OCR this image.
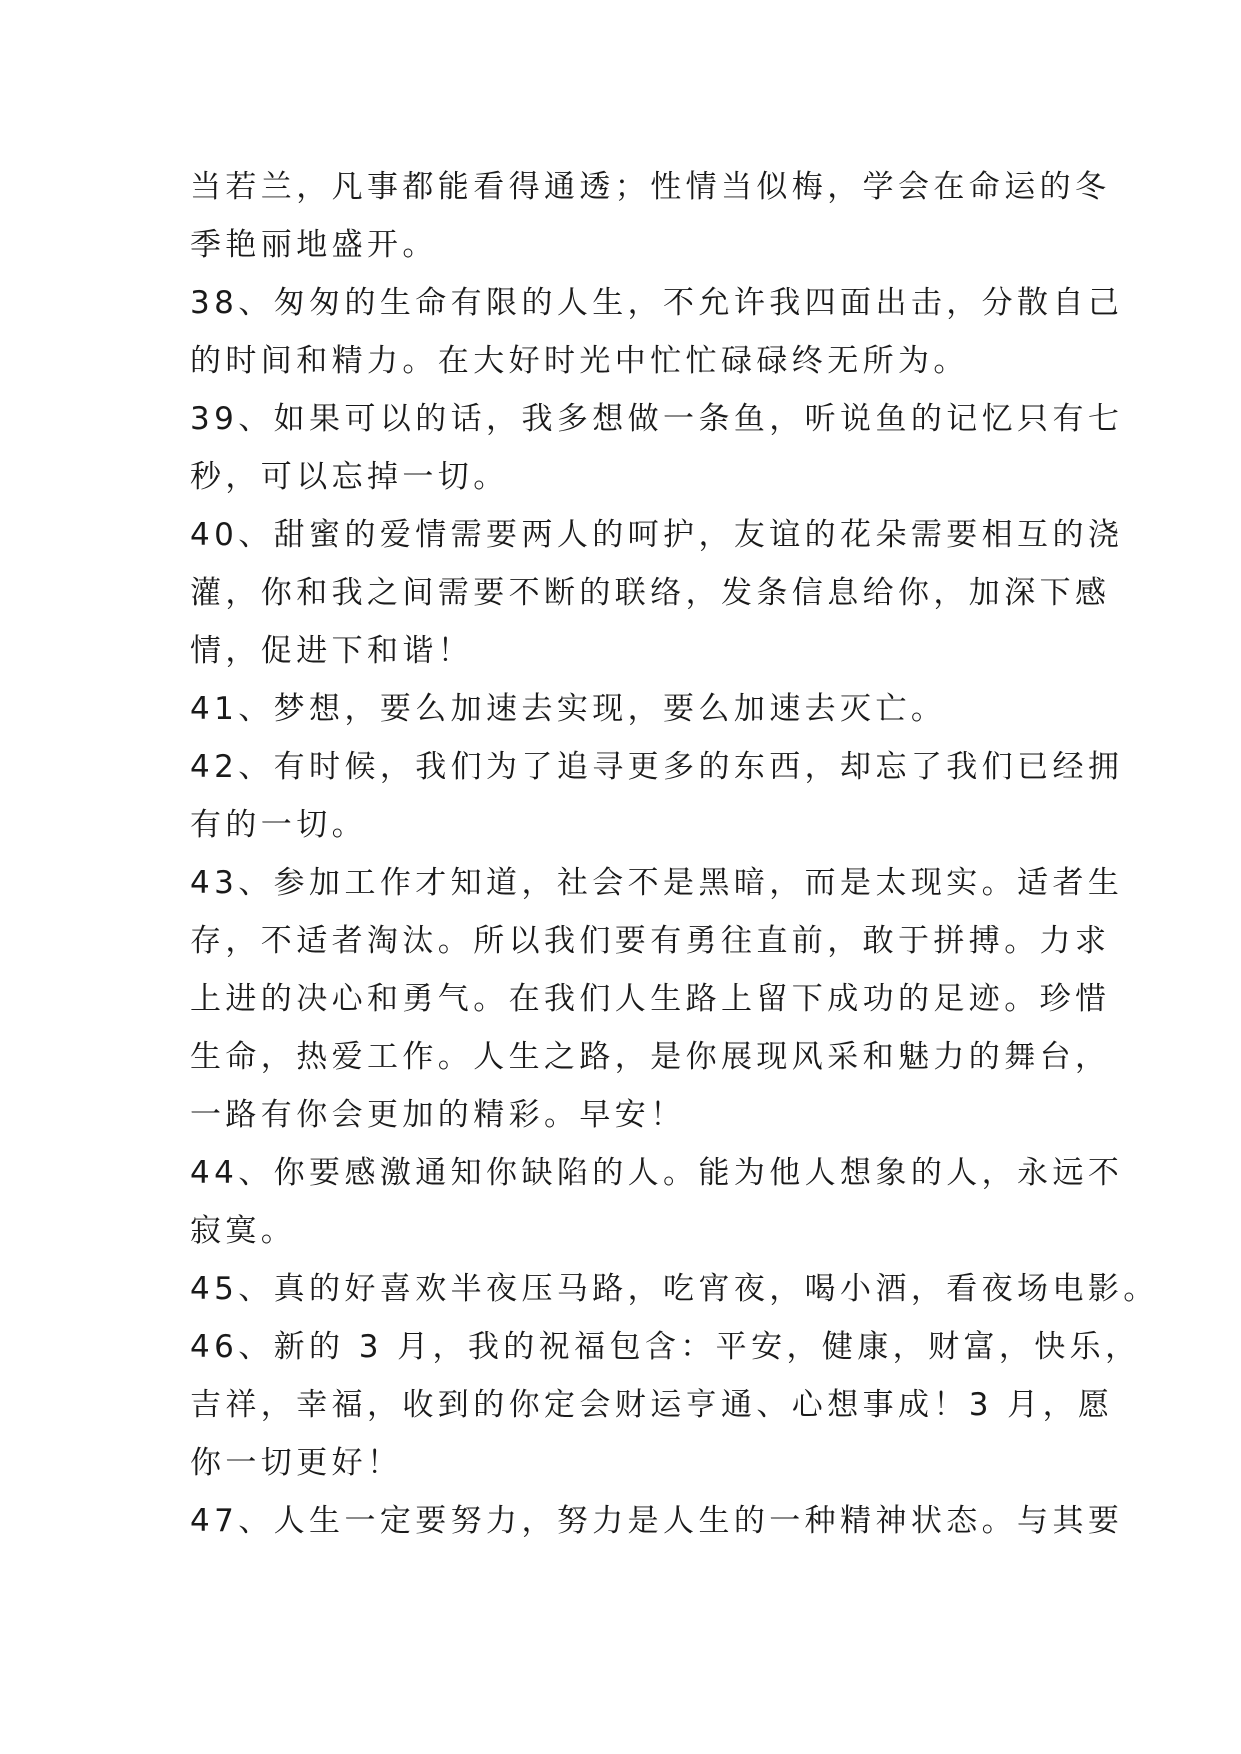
当若兰，凡事都能看得通透；性情当似梅，学会在命运的冬
季艳丽地盛开。
38、匆匆的生命有限的人生，不允许我四面出击，分散自己
的时间和精力。在大好时光中忙忙碌碌终无所为。
39、如果可以的话，我多想做一条鱼，听说鱼的记忆只有七
秒，可以忘掉一切。
40、甜蜜的爱情需要两人的呵护，友谊的花朵需要相互的浇
灌，你和我之间需要不断的联络，发条信息给你，加深下感
情，促进下和谐！
41、梦想，要么加速去实现，要么加速去灭亡。
42、有时候，我们为了追寻更多的东西，却忘了我们已经拥
有的一切。
43、参加工作才知道，社会不是黑暗，而是太现实。适者生
存，不适者淘汰。所以我们要有勇往直前，敢于拼搏。力求
上进的决心和勇气。在我们人生路上留下成功的足迹。珍惜
生命，热爱工作。人生之路，是你展现风采和魅力的舞台，
一路有你会更加的精彩。早安！
44、你要感激通知你缺陷的人。能为他人想象的人，永远不
寂寞。
45、真的好喜欢半夜压马路，吃宵夜，喝小酒，看夜场电影。
46、新的 3 月，我的祝福包含：平安，健康，财富，快乐，
吉祥，幸福，收到的你定会财运亨通、心想事成！3 月，愿
你一切更好！
47、人生一定要努力，努力是人生的一种精神状态。与其要
